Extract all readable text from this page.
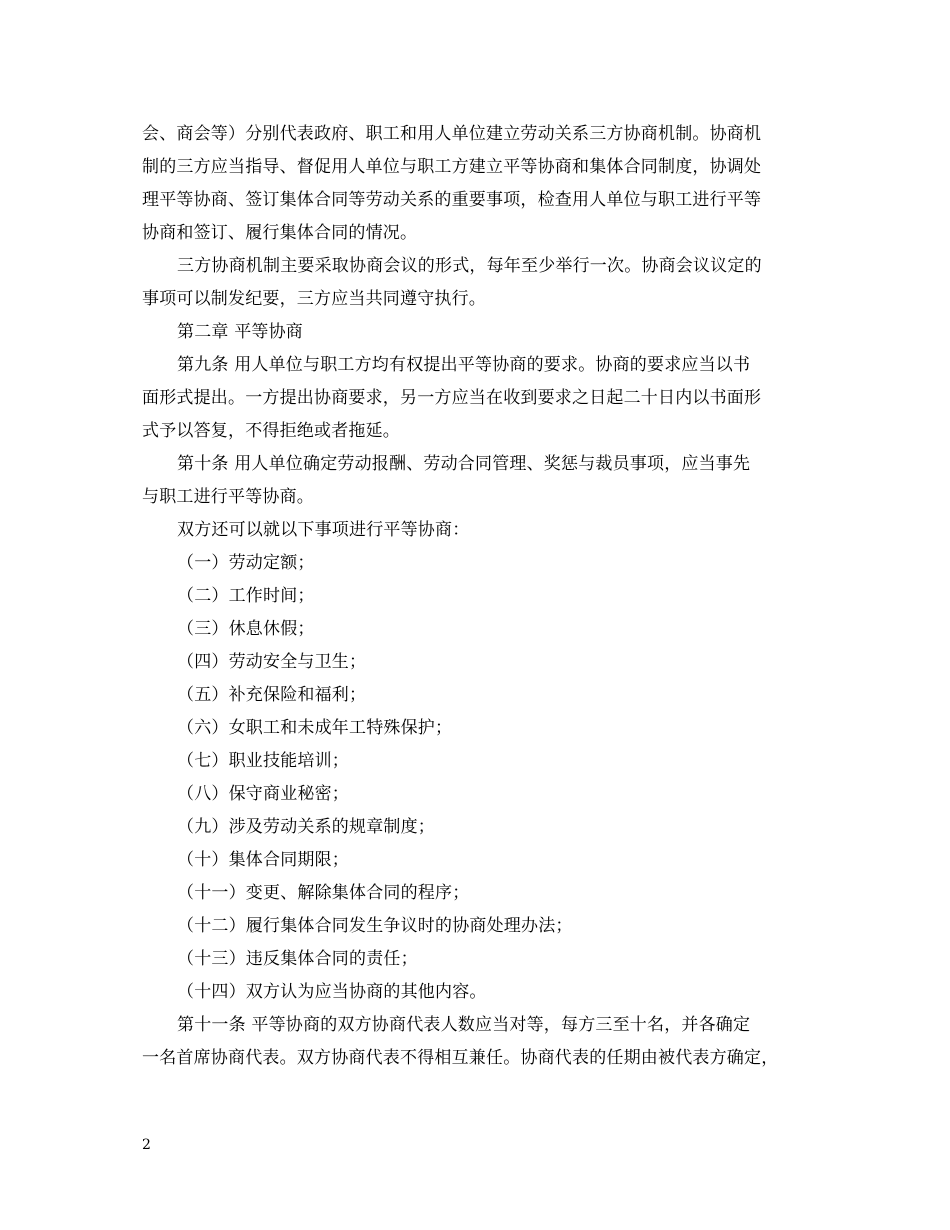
会、商会等）分别代表政府、职工和用人单位建立劳动关系三方协商机制。协商机
制的三方应当指导、督促用人单位与职工方建立平等协商和集体合同制度，协调处
理平等协商、签订集体合同等劳动关系的重要事项，检查用人单位与职工进行平等
协商和签订、履行集体合同的情况。
三方协商机制主要采取协商会议的形式，每年至少举行一次。协商会议议定的
事项可以制发纪要，三方应当共同遵守执行。
第二章 平等协商
第九条 用人单位与职工方均有权提出平等协商的要求。协商的要求应当以书
面形式提出。一方提出协商要求，另一方应当在收到要求之日起二十日内以书面形
式予以答复，不得拒绝或者拖延。
第十条 用人单位确定劳动报酬、劳动合同管理、奖惩与裁员事项，应当事先
与职工进行平等协商。
双方还可以就以下事项进行平等协商：
（一）劳动定额；
（二）工作时间；
（三）休息休假；
（四）劳动安全与卫生；
（五）补充保险和福利；
（六）女职工和未成年工特殊保护；
（七）职业技能培训；
（八）保守商业秘密；
（九）涉及劳动关系的规章制度；
（十）集体合同期限；
（十一）变更、解除集体合同的程序；
（十二）履行集体合同发生争议时的协商处理办法；
（十三）违反集体合同的责任；
（十四）双方认为应当协商的其他内容。
第十一条 平等协商的双方协商代表人数应当对等，每方三至十名，并各确定
一名首席协商代表。双方协商代表不得相互兼任。协商代表的任期由被代表方确定，
2
